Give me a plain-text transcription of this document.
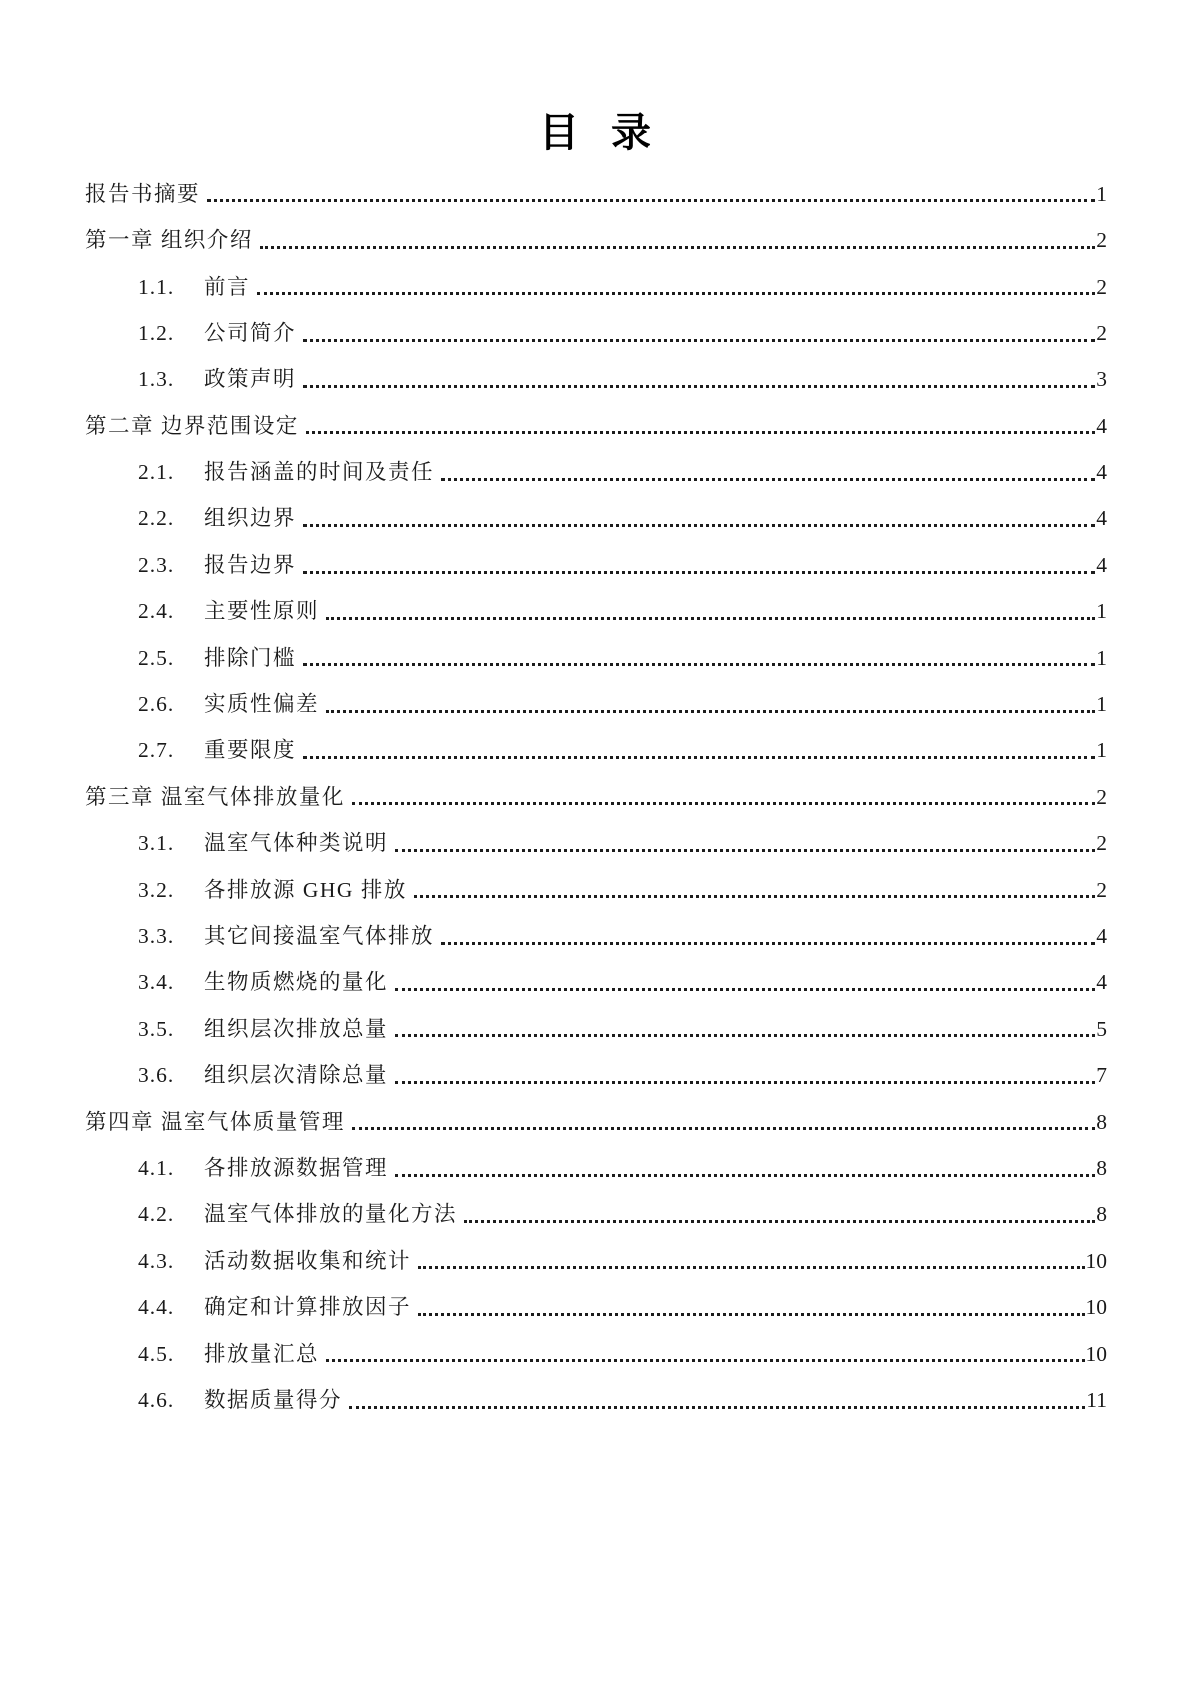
目 录
报告书摘要	1
第一章 组织介绍	2
1.1.	前言	2
1.2.	公司简介	2
1.3.	政策声明	3
第二章 边界范围设定	4
2.1.	报告涵盖的时间及责任	4
2.2.	组织边界	4
2.3.	报告边界	4
2.4.	主要性原则	1
2.5.	排除门槛	1
2.6.	实质性偏差	1
2.7.	重要限度	1
第三章 温室气体排放量化	2
3.1.	温室气体种类说明	2
3.2.	各排放源 GHG 排放	2
3.3.	其它间接温室气体排放	4
3.4.	生物质燃烧的量化	4
3.5.	组织层次排放总量	5
3.6.	组织层次清除总量	7
第四章 温室气体质量管理	8
4.1.	各排放源数据管理	8
4.2.	温室气体排放的量化方法	8
4.3.	活动数据收集和统计	10
4.4.	确定和计算排放因子	10
4.5.	排放量汇总	10
4.6.	数据质量得分	11
